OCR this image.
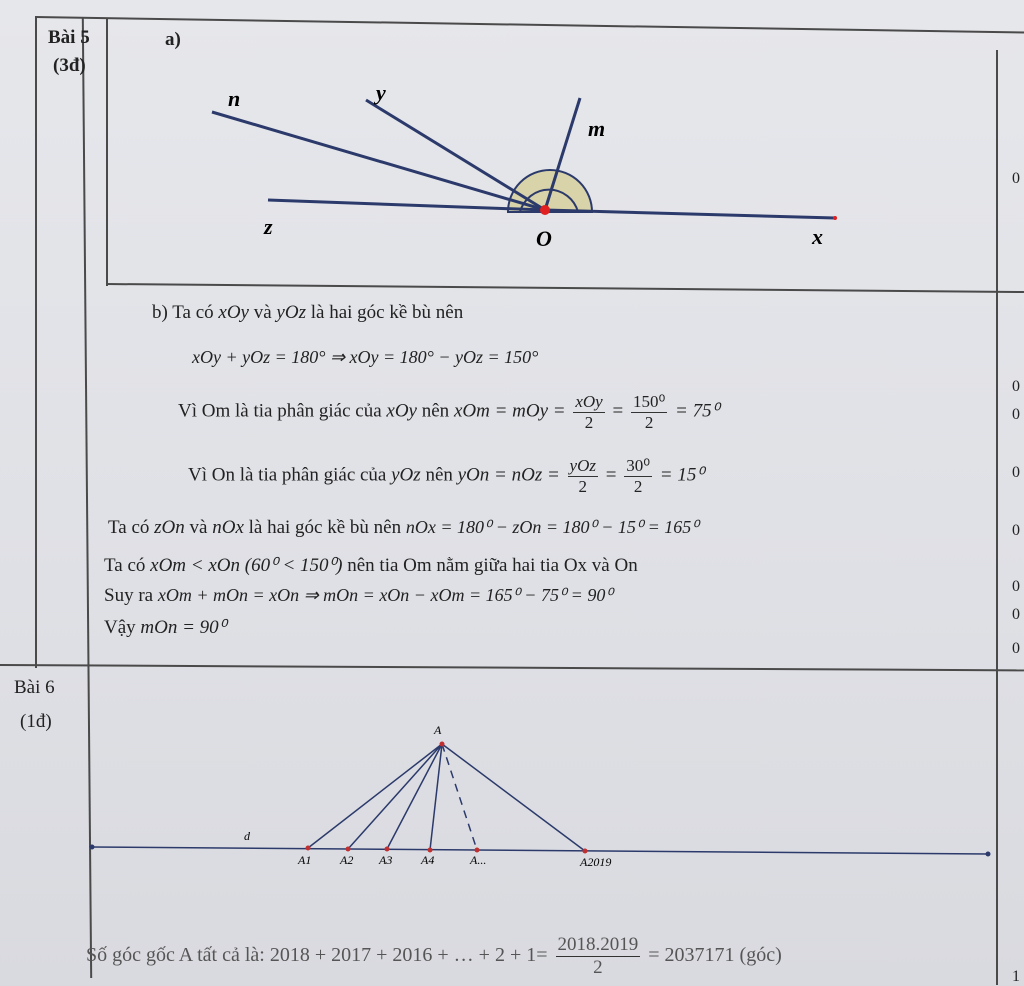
Bài 5
(3đ)
a)
n	y
m
z	O	x
b) Ta có xOy và yOz là hai góc kề bù nên
xOy + yOz = 180° ⇒ xOy = 180° − yOz = 150°
Vì Om là tia phân giác của xOy nên xOm = mOy = $\frac{\text{xOy}}{2} = \frac{\text{150⁰}}{2} = 75^0$
Vì On là tia phân giác của yOz nên yOn = nOz = $\frac{\text{yOz}}{2} = \frac{\text{30⁰}}{2} = 15^0$
Ta có zOn và nOx là hai góc kề bù nên nOx = 180⁰ − zOn = 180⁰ − 15⁰ = 165⁰
Ta có xOm < xOn (60⁰ < 150⁰) nên tia Om nằm giữa hai tia Ox và On
Suy ra xOm + mOn = xOn ⇒ mOn = xOn − xOm = 165⁰ − 75⁰ = 90⁰
Vậy mOn = 90⁰
0
0
0
0
0
0
0
0
Bài 6
(1đ)	A
d
A1 A2 A3 A4	A...	A2019
Số góc gốc A tất cả là: 2018 + 2017 + 2016 + … + $2 + 1= \frac{2018.2019}{2} = 2037171$ (góc)
1
